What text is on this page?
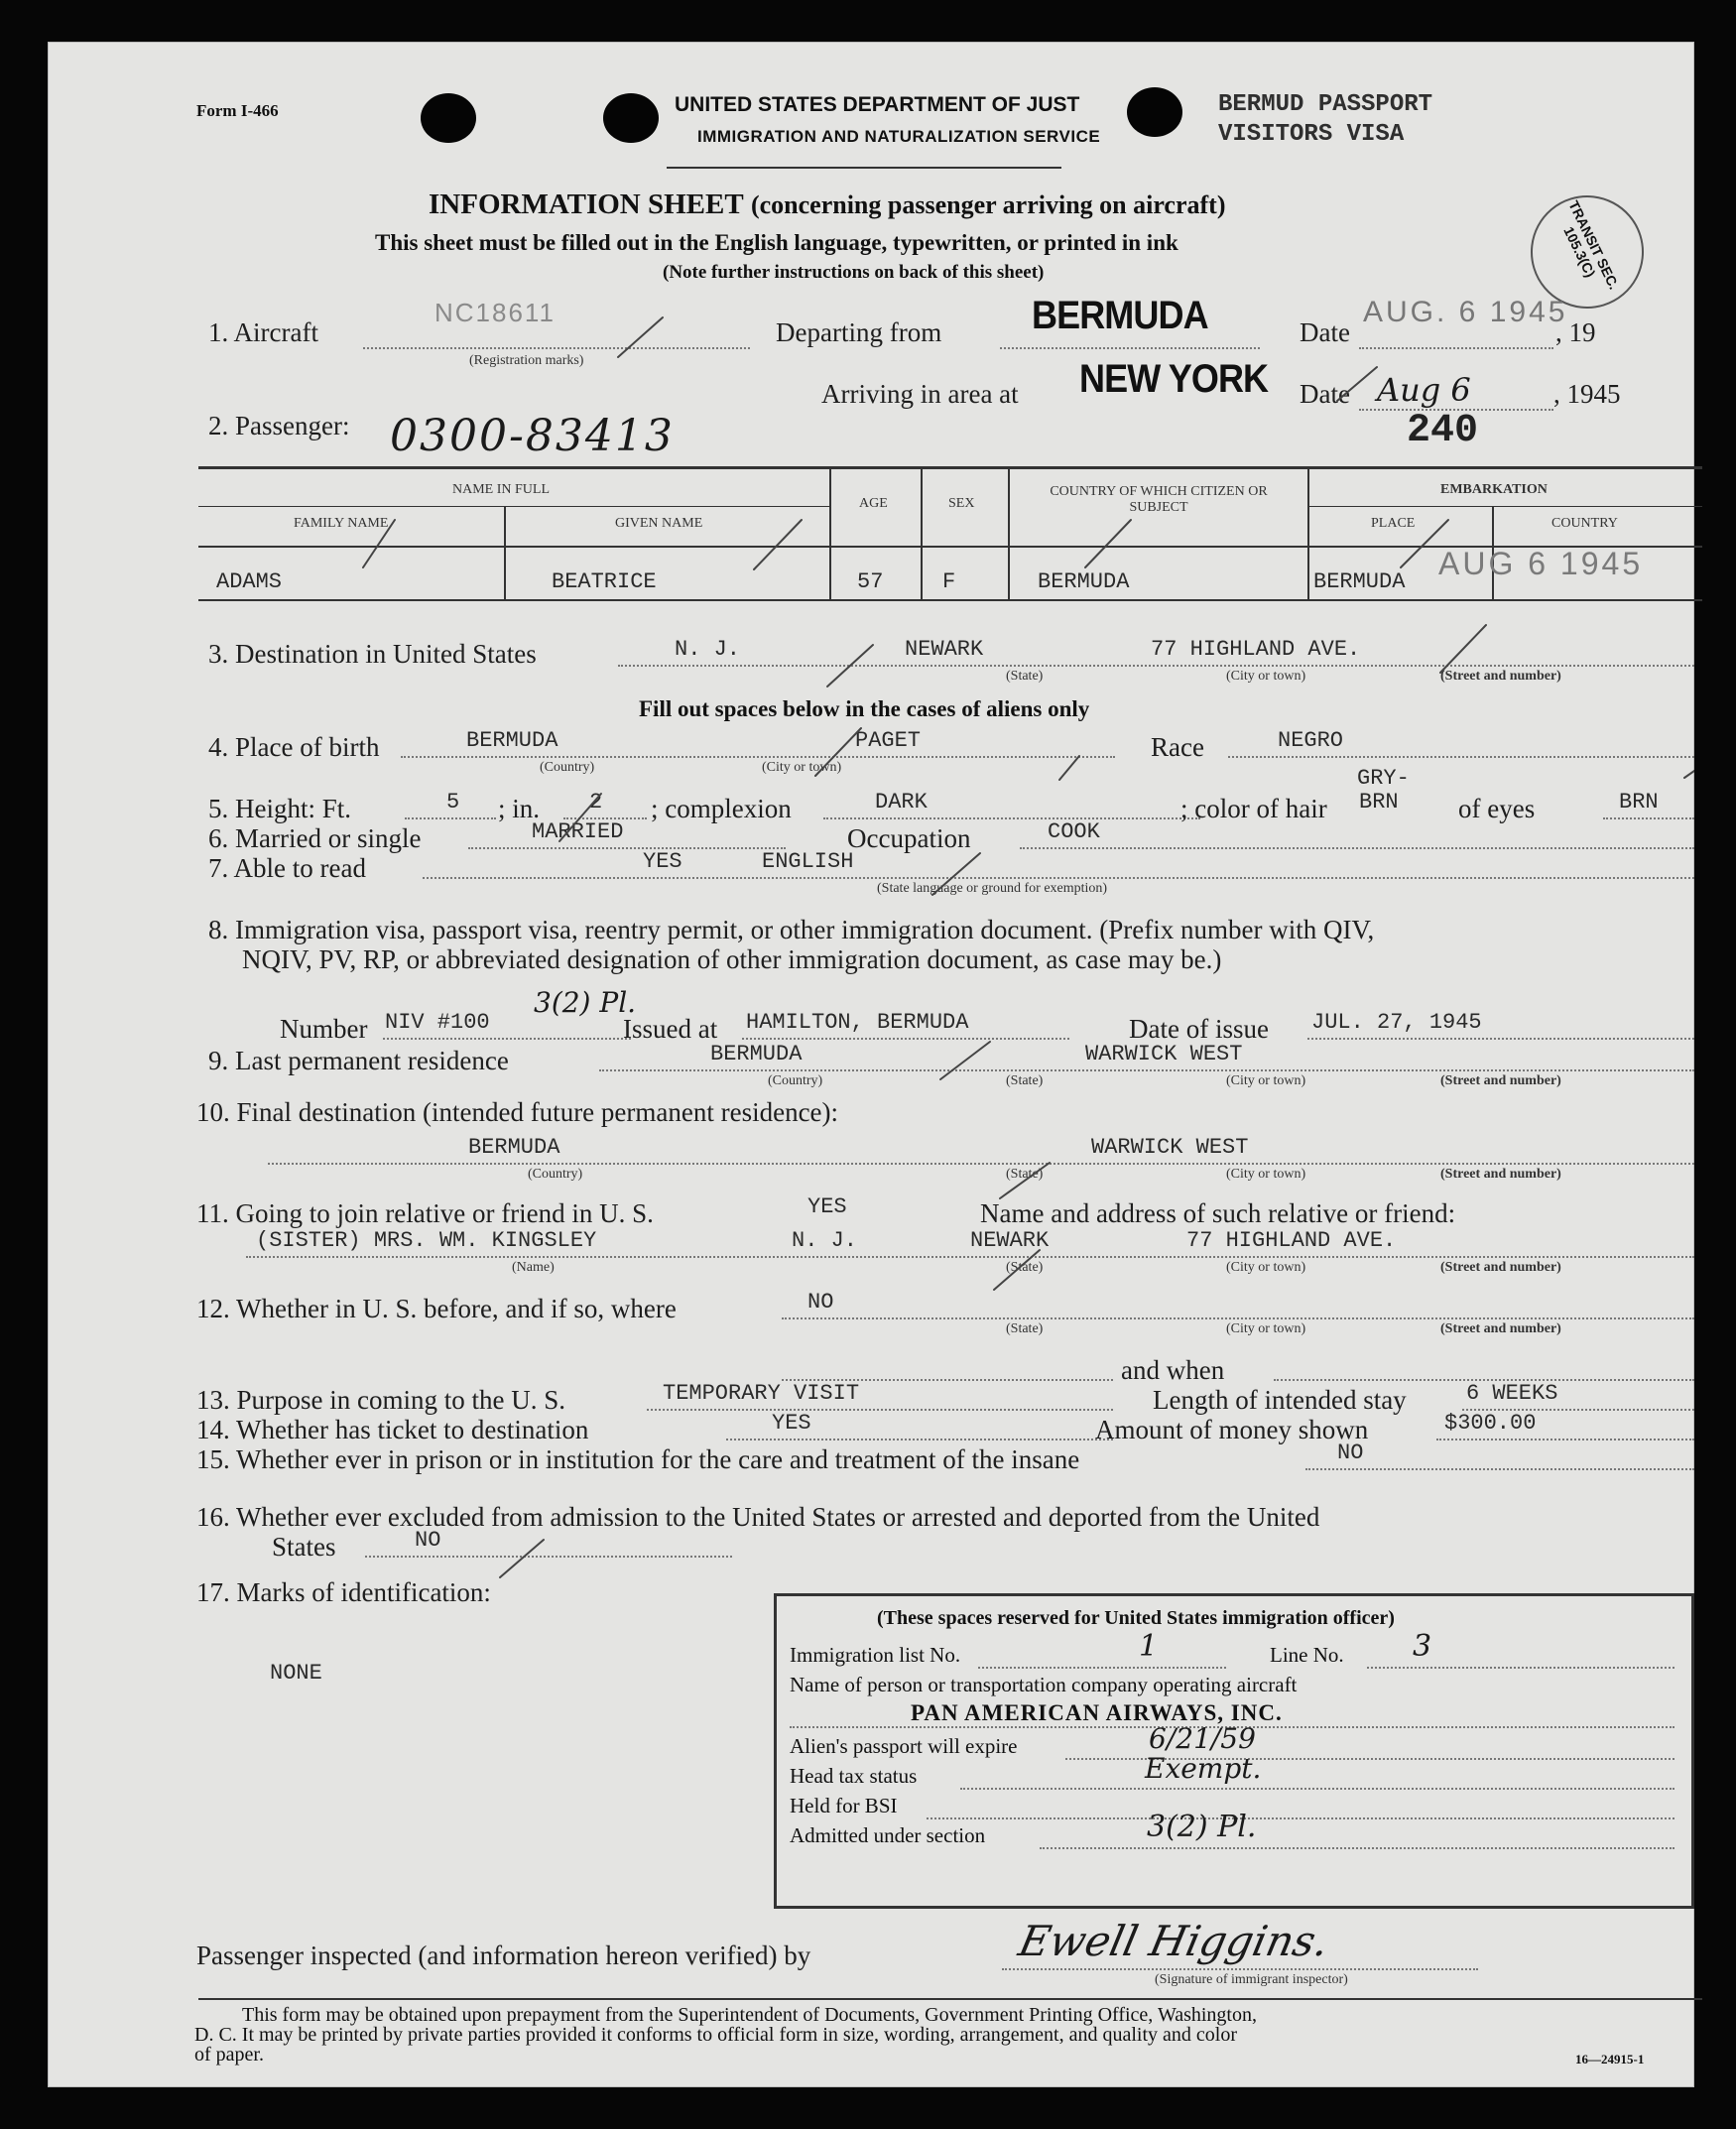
Form I-466	UNITED STATES DEPARTMENT OF JUST
IMMIGRATION AND NATURALIZATION SERVICE
BERMUD PASSPORT
VISITORS VISA
INFORMATION SHEET (concerning passenger arriving on aircraft)
This sheet must be filled out in the English language, typewritten, or printed in ink
(Note further instructions on back of this sheet)	TRANSIT SEC. 105.3(C)
1. Aircraft
NC18611
(Registration marks)
Departing from BERMUDA	Date
AUG. 6 1945
, 19
Arriving in area at NEW YORK Date Aug 6	, 1945
2. Passenger: 0300-83413	240
NAME IN FULL
FAMILY NAME	GIVEN NAME
AGE	SEX
COUNTRY OF WHICH CITIZEN OR SUBJECT
EMBARKATION
PLACE	COUNTRY
ADAMS	BEATRICE	57	F	BERMUDA	BERMUDA
AUG 6 1945
3. Destination in United States	N. J.	NEWARK	77 HIGHLAND AVE.
(State)	(City or town)	(Street and number)
Fill out spaces below in the cases of aliens only
4. Place of birth	BERMUDA	PAGET
(Country)	(City or town)
Race	NEGRO
5. Height: Ft.	5 ; in. 2 ; complexion	DARK	; color of hair
GRY-
BRN of eyes	BRN
6. Married or single	MARRIED	Occupation	COOK
7. Able to read	YES	ENGLISH
(State language or ground for exemption)
8. Immigration visa, passport visa, reentry permit, or other immigration document. (Prefix number with QIV,
NQIV, PV, RP, or abbreviated designation of other immigration document, as case may be.)
Number NIV #100
3(2) Pl.
Issued at HAMILTON, BERMUDA	Date of issue JUL. 27, 1945
9. Last permanent residence	BERMUDA	WARWICK WEST
(Country)	(State)	(City or town)	(Street and number)
10. Final destination (intended future permanent residence):
BERMUDA	WARWICK WEST
(Country)	(State)	(City or town)	(Street and number)
11. Going to join relative or friend in U. S.	YES	Name and address of such relative or friend:
(SISTER) MRS. WM. KINGSLEY	N. J.	NEWARK	77 HIGHLAND AVE.
(Name)	(State)	(City or town)	(Street and number)
12. Whether in U. S. before, and if so, where	NO
(State)	(City or town)	(Street and number)
and when
13. Purpose in coming to the U. S.	TEMPORARY VISIT	Length of intended stay	6 WEEKS
14. Whether has ticket to destination	YES	Amount of money shown	$300.00
15. Whether ever in prison or in institution for the care and treatment of the insane	NO
16. Whether ever excluded from admission to the United States or arrested and deported from the United
States	NO
17. Marks of identification:
NONE
(These spaces reserved for United States immigration officer)
Immigration list No.	1	Line No. 3
Name of person or transportation company operating aircraft
PAN AMERICAN AIRWAYS, INC.
Alien's passport will expire	6/21/59
Head tax status	Exempt.
Held for BSI
Admitted under section	3(2) Pl.
Passenger inspected (and information hereon verified) by	Ewell Higgins.
(Signature of immigrant inspector)
This form may be obtained upon prepayment from the Superintendent of Documents, Government Printing Office, Washington,
D. C. It may be printed by private parties provided it conforms to official form in size, wording, arrangement, and quality and color
of paper.	16—24915-1
